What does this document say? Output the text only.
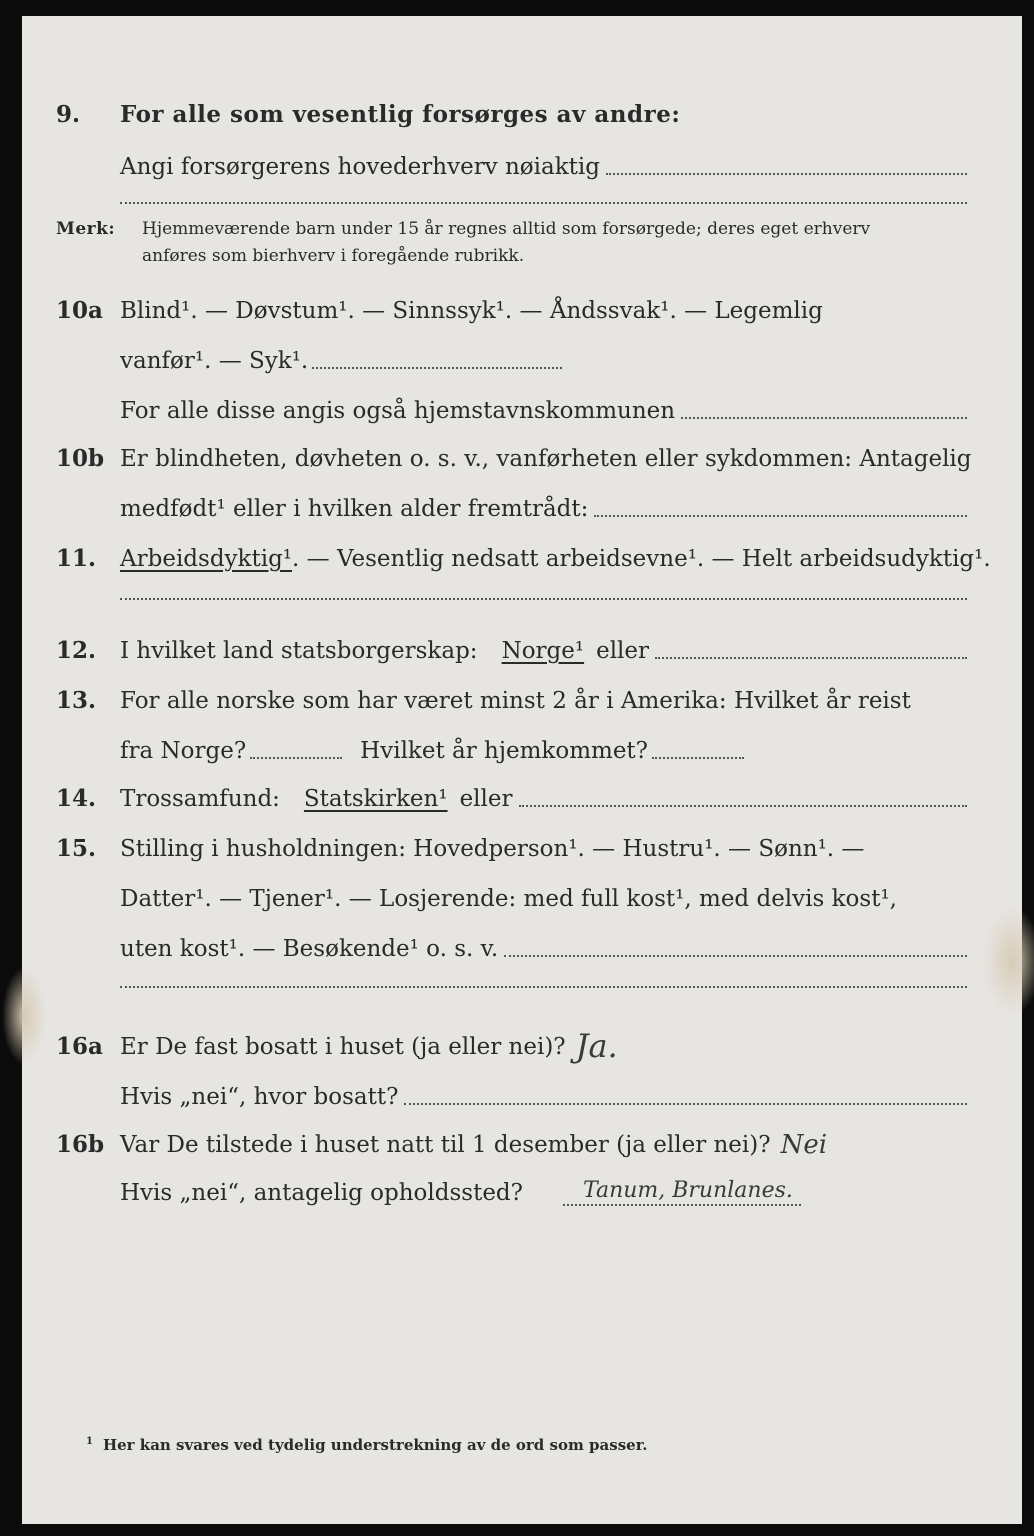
9. For alle som vesentlig forsørges av andre:
Angi forsørgerens hovederhverv nøiaktig
Merk: Hjemmeværende barn under 15 år regnes alltid som forsørgede; deres eget erhverv
anføres som bierhverv i foregående rubrikk.
10a Blind¹. — Døvstum¹. — Sinnssyk¹. — Åndssvak¹. — Legemlig
vanfør¹. — Syk¹.
For alle disse angis også hjemstavnskommunen
10b Er blindheten, døvheten o. s. v., vanførheten eller sykdommen: Antagelig
medfødt¹ eller i hvilken alder fremtrådt:
11. Arbeidsdyktig¹ . — Vesentlig nedsatt arbeidsevne¹. — Helt arbeidsudyktig¹.
12. I hvilket land statsborgerskap: Norge¹ eller
13. For alle norske som har været minst 2 år i Amerika: Hvilket år reist
fra Norge?	Hvilket år hjemkommet?
14. Trossamfund: Statskirken¹ eller
15. Stilling i husholdningen: Hovedperson¹. — Hustru¹. — Sønn¹. —
Datter¹. — Tjener¹. — Losjerende: med full kost¹, med delvis kost¹,
uten kost¹. — Besøkende¹ o. s. v.
16a Er De fast bosatt i huset (ja eller nei)? Ja.
Hvis „nei“, hvor bosatt?
16b Var De tilstede i huset natt til 1 desember (ja eller nei)? Nei
Hvis „nei“, antagelig opholdssted?	Tanum, Brunlanes.
$^1$ Her kan svares ved tydelig understrekning av de ord som passer.
